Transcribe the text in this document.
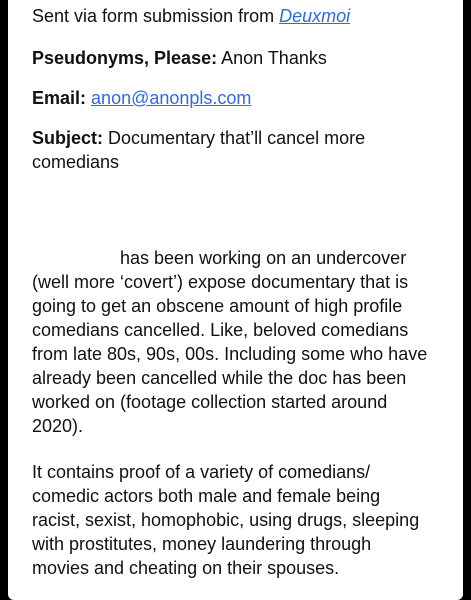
Sent via form submission from Deuxmoi

Pseudonyms, Please: Anon Thanks

Email: anon@anonpls.com

Subject: Documentary that’ll cancel more comedians

has been working on an undercover

(well more ‘covert’) expose documentary that is

going to get an obscene amount of high profile

comedians cancelled. Like, beloved comedians

from late 80s, 90s, 00s. Including some who have

already been cancelled while the doc has been

worked on (footage collection started around

2020).

It contains proof of a variety of comedians/

comedic actors both male and female being

racist, sexist, homophobic, using drugs, sleeping

with prostitutes, money laundering through

movies and cheating on their spouses.
